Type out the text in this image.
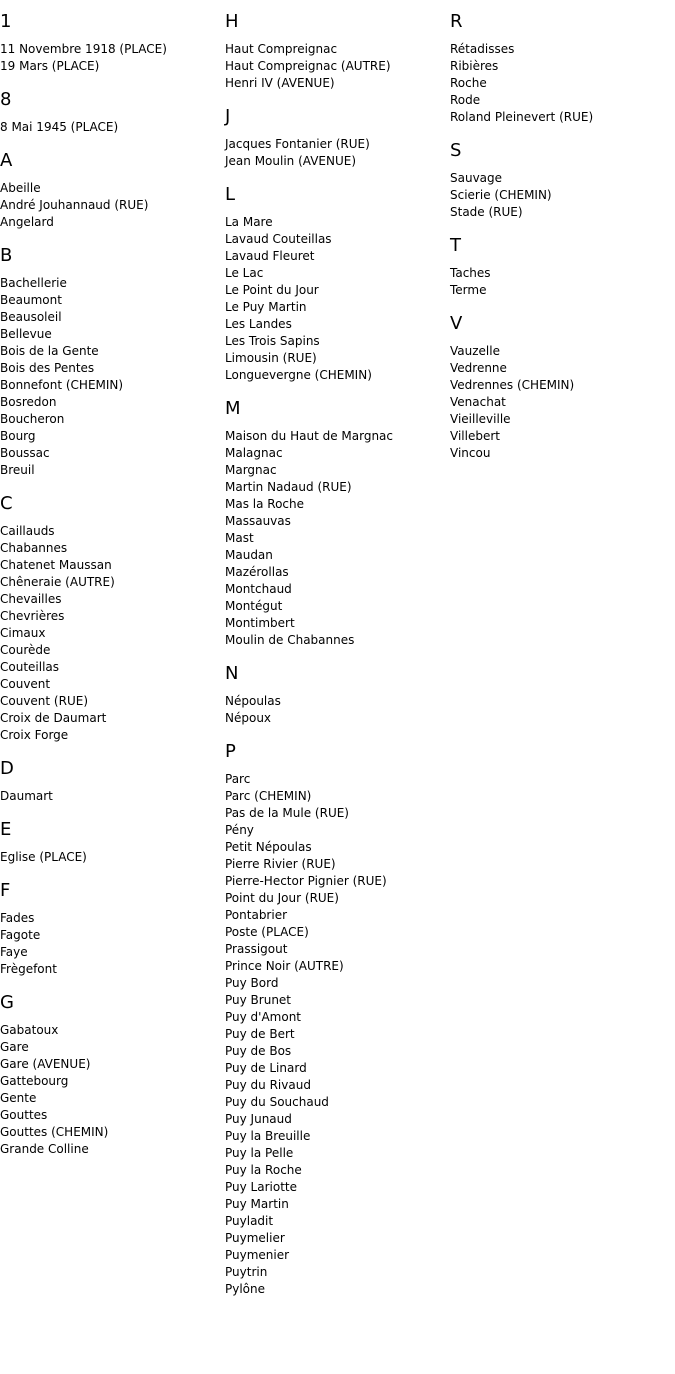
1
11 Novembre 1918 (PLACE)
19 Mars (PLACE)
8
8 Mai 1945 (PLACE)
A
Abeille
André Jouhannaud (RUE)
Angelard
B
Bachellerie
Beaumont
Beausoleil
Bellevue
Bois de la Gente
Bois des Pentes
Bonnefont (CHEMIN)
Bosredon
Boucheron
Bourg
Boussac
Breuil
C
Caillauds
Chabannes
Chatenet Maussan
Chêneraie (AUTRE)
Chevailles
Chevrières
Cimaux
Courède
Couteillas
Couvent
Couvent (RUE)
Croix de Daumart
Croix Forge
D
Daumart
E
Eglise (PLACE)
F
Fades
Fagote
Faye
Frègefont
G
Gabatoux
Gare
Gare (AVENUE)
Gattebourg
Gente
Gouttes
Gouttes (CHEMIN)
Grande Colline
H
Haut Compreignac
Haut Compreignac (AUTRE)
Henri IV (AVENUE)
J
Jacques Fontanier (RUE)
Jean Moulin (AVENUE)
L
La Mare
Lavaud Couteillas
Lavaud Fleuret
Le Lac
Le Point du Jour
Le Puy Martin
Les Landes
Les Trois Sapins
Limousin (RUE)
Longuevergne (CHEMIN)
M
Maison du Haut de Margnac
Malagnac
Margnac
Martin Nadaud (RUE)
Mas la Roche
Massauvas
Mast
Maudan
Mazérollas
Montchaud
Montégut
Montimbert
Moulin de Chabannes
N
Népoulas
Népoux
P
Parc
Parc (CHEMIN)
Pas de la Mule (RUE)
Pény
Petit Népoulas
Pierre Rivier (RUE)
Pierre-Hector Pignier (RUE)
Point du Jour (RUE)
Pontabrier
Poste (PLACE)
Prassigout
Prince Noir (AUTRE)
Puy Bord
Puy Brunet
Puy d'Amont
Puy de Bert
Puy de Bos
Puy de Linard
Puy du Rivaud
Puy du Souchaud
Puy Junaud
Puy la Breuille
Puy la Pelle
Puy la Roche
Puy Lariotte
Puy Martin
Puyladit
Puymelier
Puymenier
Puytrin
Pylône
R
Rétadisses
Ribières
Roche
Rode
Roland Pleinevert (RUE)
S
Sauvage
Scierie (CHEMIN)
Stade (RUE)
T
Taches
Terme
V
Vauzelle
Vedrenne
Vedrennes (CHEMIN)
Venachat
Vieilleville
Villebert
Vincou
